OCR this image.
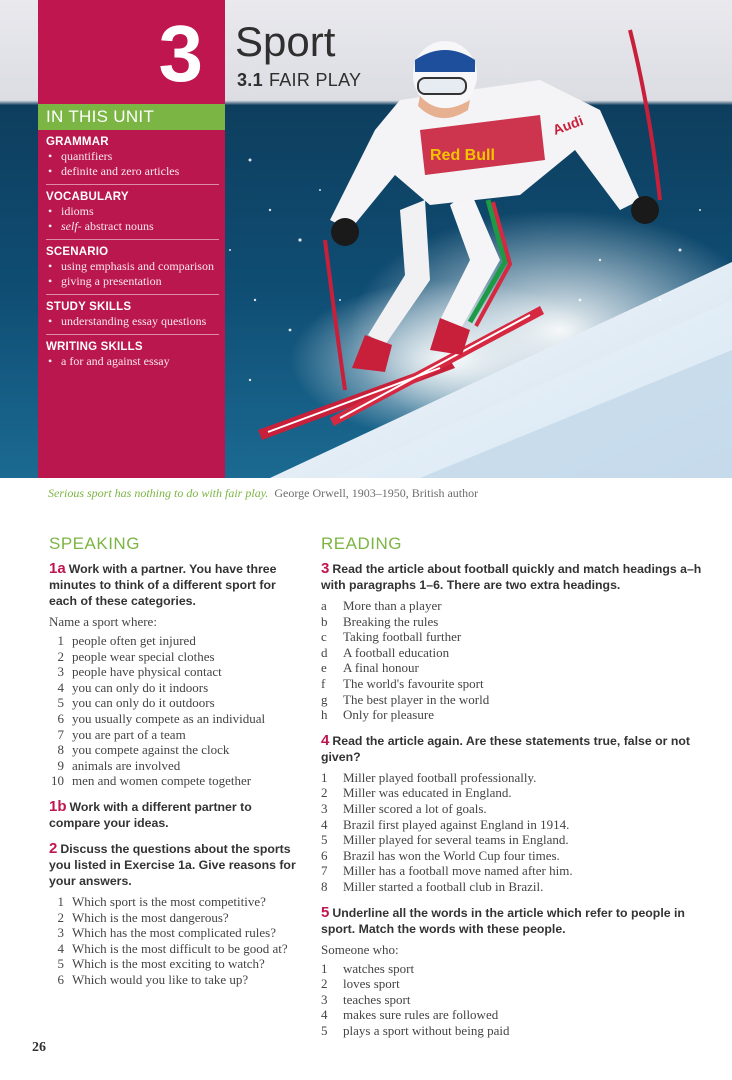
Red Bull
Audi
3 Sport
3.1 FAIR PLAY
IN THIS UNIT
GRAMMAR
• quantifiers
• definite and zero articles
VOCABULARY
• idioms
• self- abstract nouns
SCENARIO
• using emphasis and comparison
• giving a presentation
STUDY SKILLS
• understanding essay questions
WRITING SKILLS
• a for and against essay
Serious sport has nothing to do with fair play. George Orwell, 1903–1950, British author
SPEAKING
1a Work with a partner. You have three minutes to think of a different sport for each of these categories.
Name a sport where:
1 people often get injured
2 people wear special clothes
3 people have physical contact
4 you can only do it indoors
5 you can only do it outdoors
6 you usually compete as an individual
7 you are part of a team
8 you compete against the clock
9 animals are involved
10 men and women compete together
1b Work with a different partner to compare your ideas.
2 Discuss the questions about the sports you listed in Exercise 1a. Give reasons for your answers.
1 Which sport is the most competitive?
2 Which is the most dangerous?
3 Which has the most complicated rules?
4 Which is the most difficult to be good at?
5 Which is the most exciting to watch?
6 Which would you like to take up?
READING
3 Read the article about football quickly and match headings a–h with paragraphs 1–6. There are two extra headings.
a	More than a player
b	Breaking the rules
c	Taking football further
d	A football education
e	A final honour
f	The world's favourite sport
g	The best player in the world
h	Only for pleasure
4 Read the article again. Are these statements true, false or not given?
1	Miller played football professionally.
2	Miller was educated in England.
3	Miller scored a lot of goals.
4	Brazil first played against England in 1914.
5	Miller played for several teams in England.
6	Brazil has won the World Cup four times.
7	Miller has a football move named after him.
8	Miller started a football club in Brazil.
5 Underline all the words in the article which refer to people in sport. Match the words with these people.
Someone who:
1	watches sport
2	loves sport
3	teaches sport
4	makes sure rules are followed
5	plays a sport without being paid
26
